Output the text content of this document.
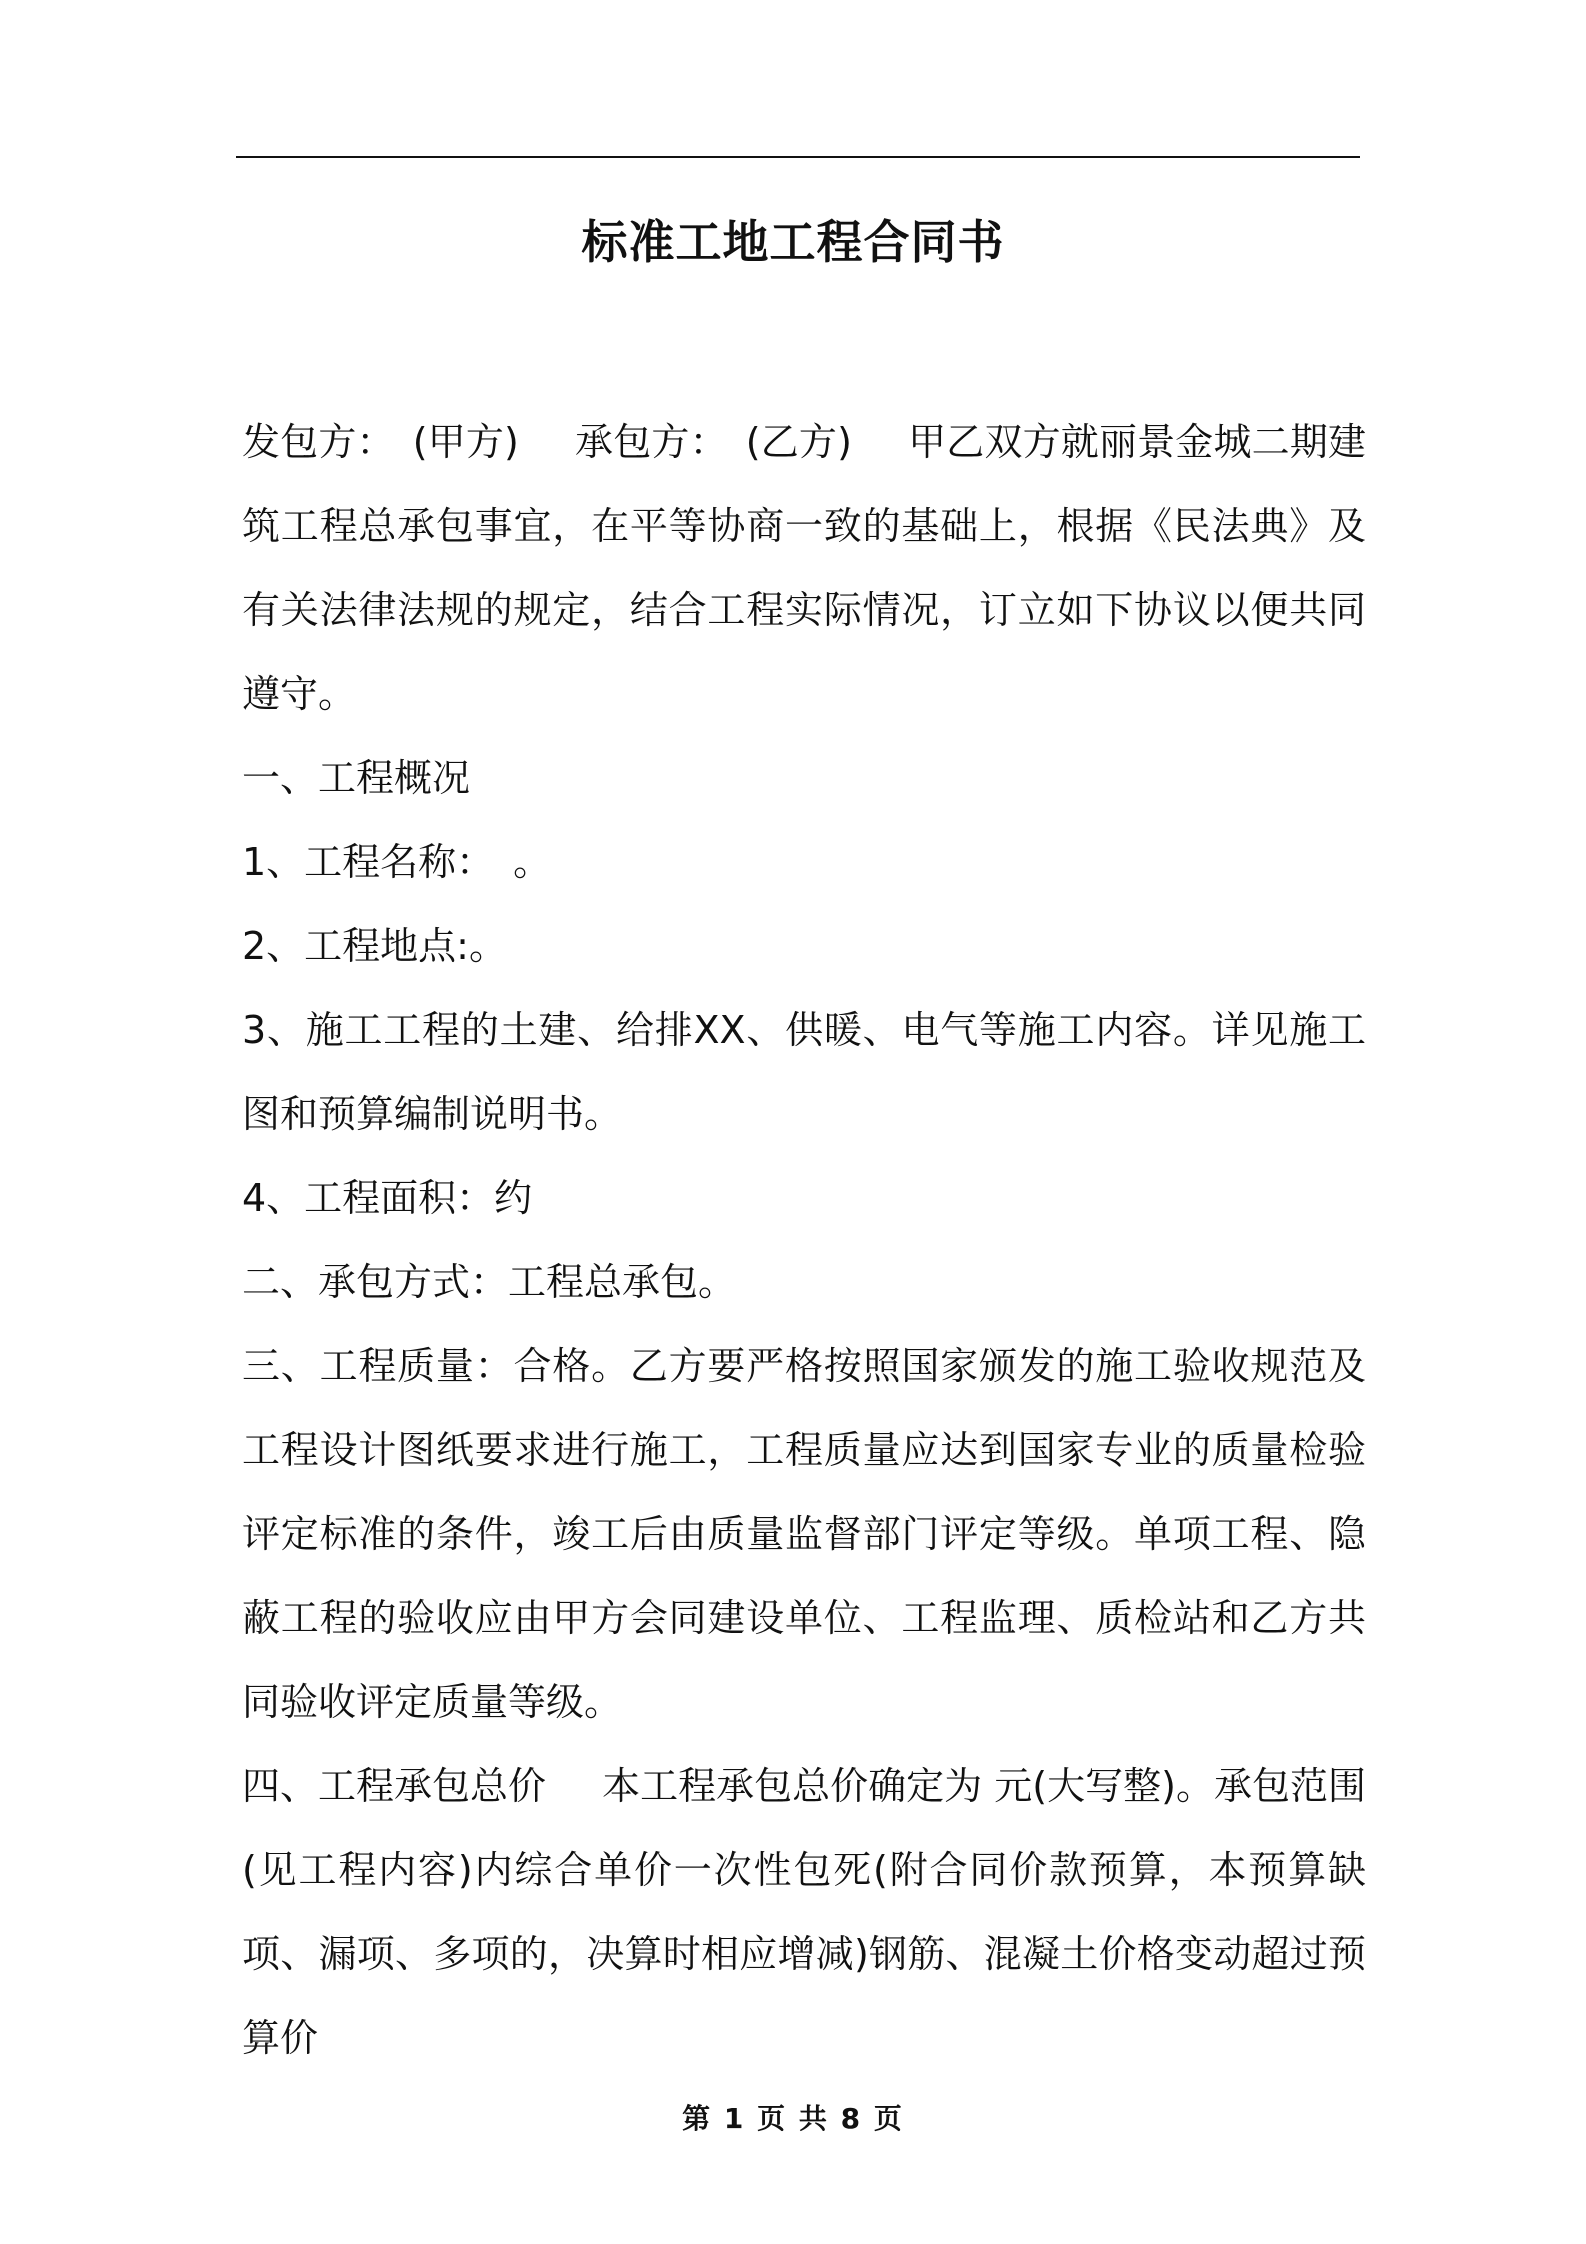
标准工地工程合同书

发包方： (甲方) 承包方： (乙方) 甲乙双方就丽景金城二期建筑工程总承包事宜，在平等协商一致的基础上，根据《民法典》及有关法律法规的规定，结合工程实际情况，订立如下协议以便共同遵守。

一、工程概况

1、工程名称：　。

2、工程地点:。

3、施工工程的土建、给排XX、供暖、电气等施工内容。详见施工图和预算编制说明书。

4、工程面积：约

二、承包方式：工程总承包。

三、工程质量：合格。乙方要严格按照国家颁发的施工验收规范及工程设计图纸要求进行施工，工程质量应达到国家专业的质量检验评定标准的条件，竣工后由质量监督部门评定等级。单项工程、隐蔽工程的验收应由甲方会同建设单位、工程监理、质检站和乙方共同验收评定质量等级。

四、工程承包总价 本工程承包总价确定为 元(大写整)。承包范围(见工程内容)内综合单价一次性包死(附合同价款预算，本预算缺项、漏项、多项的，决算时相应增减)钢筋、混凝土价格变动超过预算价

第 1 页 共 8 页
